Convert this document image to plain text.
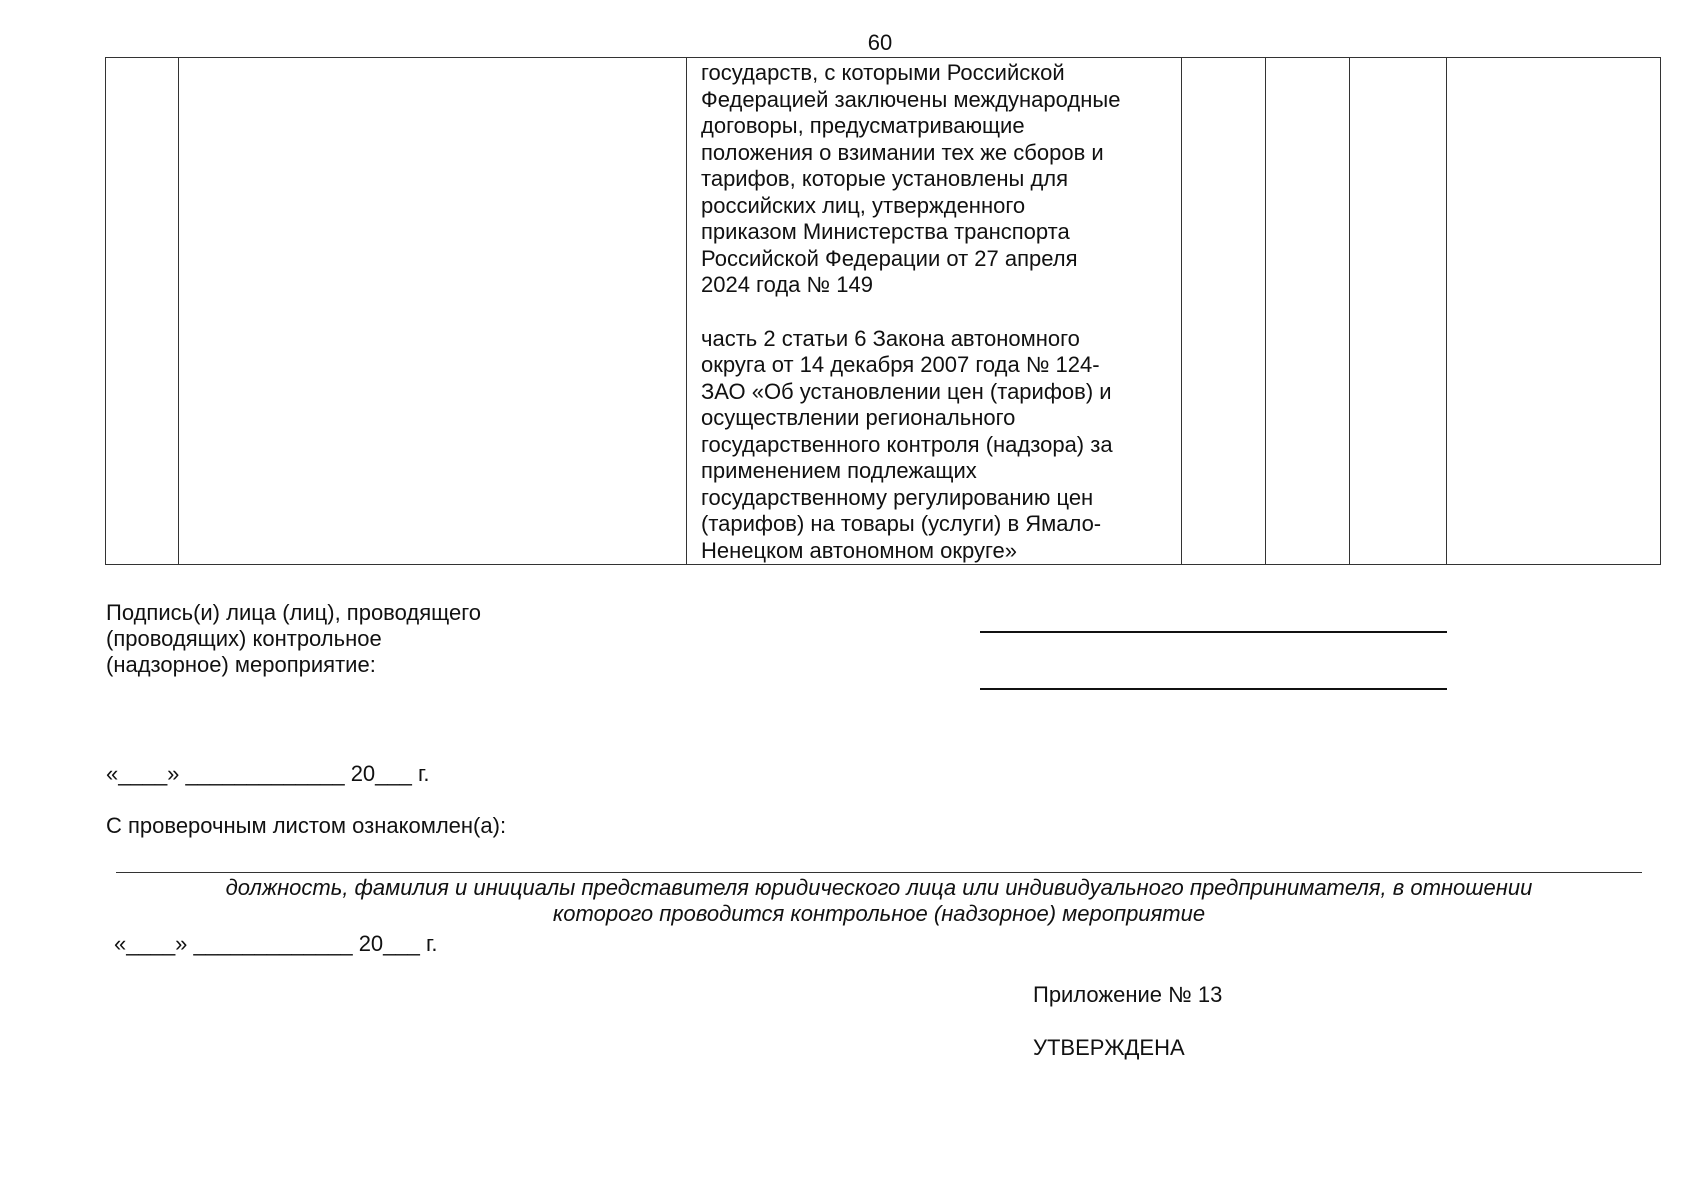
60

государств, с которыми Российской
Федерацией заключены международные
договоры, предусматривающие
положения о взимании тех же сборов и
тарифов, которые установлены для
российских лиц, утвержденного
приказом Министерства транспорта
Российской Федерации от 27 апреля
2024 года № 149

часть 2 статьи 6 Закона автономного
округа от 14 декабря 2007 года № 124-
ЗАО «Об установлении цен (тарифов) и
осуществлении регионального
государственного контроля (надзора) за
применением подлежащих
государственному регулированию цен
(тарифов) на товары (услуги) в Ямало-
Ненецком автономном округе»

Подпись(и) лица (лиц), проводящего
(проводящих) контрольное
(надзорное) мероприятие:
«____» _____________ 20___ г.
С проверочным листом ознакомлен(а):
должность, фамилия и инициалы представителя юридического лица или индивидуального предпринимателя, в отношении
которого проводится контрольное (надзорное) мероприятие
«____» _____________ 20___ г.
Приложение № 13
УТВЕРЖДЕНА
